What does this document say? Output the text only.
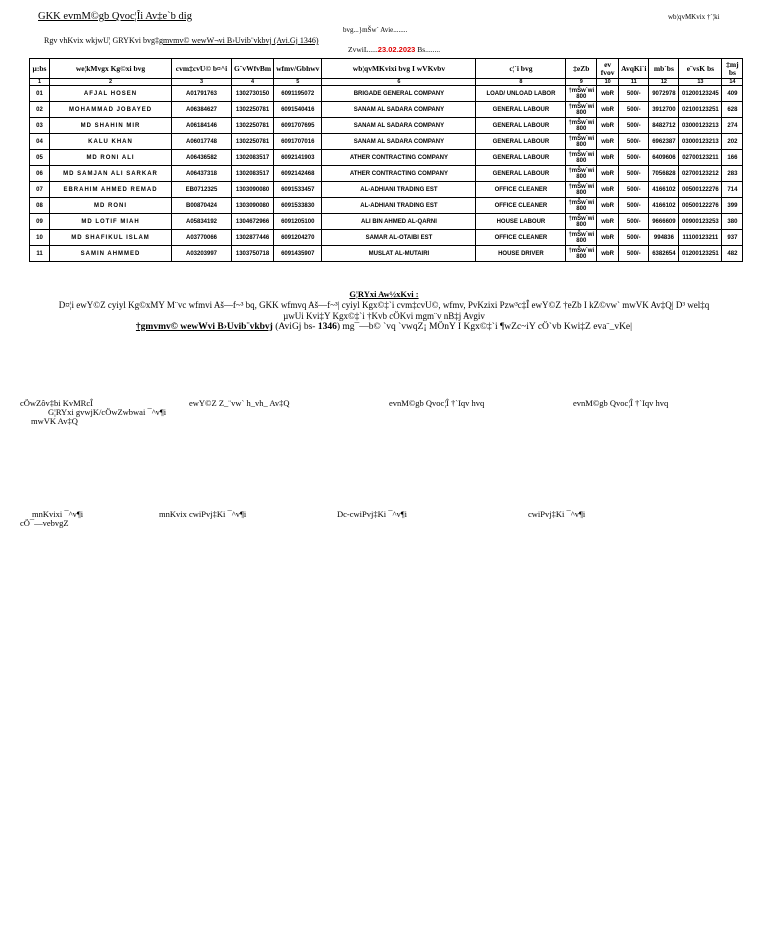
GKK evmM©gb Qvoc¦Îi Av‡e`b dig	wb¦qvMKvix †`¦ki
bvg...}mŠw` Avie........
Rgv vhKvix wkjwU¦ GRYKvi bvg‡gmvmv© wewW¬vi B›Uvib¨vkbvj (Avi.Gj 1346)
ZvwiL.....23.02.2023 Bs........
µ:bs	we¦kMvgx Kg©xi bvg	cvm‡cvU© b¤^i	G¨vWfvBm	wfmv/Gbhwv	wb¦qvMKvixi bvg I wVKvbv	c¦`i bvg	‡eZb	ev fvov	AvqKi`i	mb`bs	e¨vsK bs	‡mj bs
1	2	3	4	5	6	8	9	10	11	12	13	14
01	AFJAL HOSEN	A01791763	1302730150	6091195072	BRIGADE GENERAL COMPANY	LOAD/ UNLOAD LABOR	†mŠw`wi 800	wbR	500/-	9072978	01200123245	409
02	MOHAMMAD JOBAYED	A06384627	1302250781	6091540416	SANAM AL SADARA COMPANY	GENERAL LABOUR	†mŠw`wi 800	wbR	500/-	3912700	02100123251	628
03	MD SHAHIN MIR	A06184146	1302250781	6091707695	SANAM AL SADARA COMPANY	GENERAL LABOUR	†mŠw`wi 800	wbR	500/-	8482712	03000123213	274
04	KALU KHAN	A06017748	1302250781	6091707016	SANAM AL SADARA COMPANY	GENERAL LABOUR	†mŠw`wi 800	wbR	500/-	6962387	03000123213	202
05	MD RONI ALI	A06436582	1302083517	6092141903	ATHER CONTRACTING COMPANY	GENERAL LABOUR	†mŠw`wi 800	wbR	500/-	6409606	02700123211	166
06	MD SAMJAN ALI SARKAR	A06437318	1302083517	6092142468	ATHER CONTRACTING COMPANY	GENERAL LABOUR	†mŠw`wi 800	wbR	500/-	7056828	02700123212	283
07	EBRAHIM AHMED REMAD	EB0712325	1303090080	6091533457	AL-ADHIANI TRADING EST	OFFICE CLEANER	†mŠw`wi 800	wbR	500/-	4166102	00500122276	714
08	MD RONI	B00870424	1303090080	6091533830	AL-ADHIANI TRADING EST	OFFICE CLEANER	†mŠw`wi 800	wbR	500/-	4166102	00500122276	399
09	MD LOTIF MIAH	A05834192	1304672966	6091205100	ALI BIN AHMED AL-QARNI	HOUSE LABOUR	†mŠw`wi 800	wbR	500/-	9666609	00900123253	380
10	MD SHAFIKUL ISLAM	A03770066	1302877446	6091204270	SAMAR AL-OTAIBI EST	OFFICE CLEANER	†mŠw`wi 800	wbR	500/-	994836	11100123211	937
11	SAMIN AHMMED	A03203997	1303750718	6091435907	MUSLAT AL-MUTAIRI	HOUSE DRIVER	†mŠw`wi 800	wbR	500/-	6382654	01200123251	482
G¦RYxi Aw½xKvi :
D¤¦i ewY©Z cyiyl Kg©xMY M¨vc wfmvi Aš—f~³ bq, GKK wfmvq Aš—f~³| cyiyl Kgx©‡`i cvm‡cvU©, wfmv, PvKzixi Pzw³c‡Î ewY©Z †eZb I kZ©vw` mwVK Av‡Q| D³ wel‡q
µwUi Kvi‡Y Kgx©‡`i †Kvb cÖKvi mgm¨v nB‡j Avgiv
†gmvmv© wewWvi B›Uvib¨vkbvj (AviGj bs- 1346) mg¯—b© `vq `vwqZ¡ MÖnY I Kgx©‡`i ¶wZc~iY cÖ`vb Kwi‡Z eva¨_vKe|
cÖwZôv‡bi KvMRcÎ
G¦RYxi gvwjK/cÖwZwbwai ¯^v¶i
mwVK Av‡Q
ewY©Z Z_¨vw` h_vh_ Av‡Q	evnM©gb Qvoc¦Î †`Iqv hvq	evnM©gb Qvoc¦Î †`Iqv hvq
mnKvixi ¯^v¶i
cÖ¯—vebvgZ
mnKvix cwiPvj‡Ki ¯^v¶i	Dc-cwiPvj‡Ki ¯^v¶i	cwiPvj‡Ki ¯^v¶i
